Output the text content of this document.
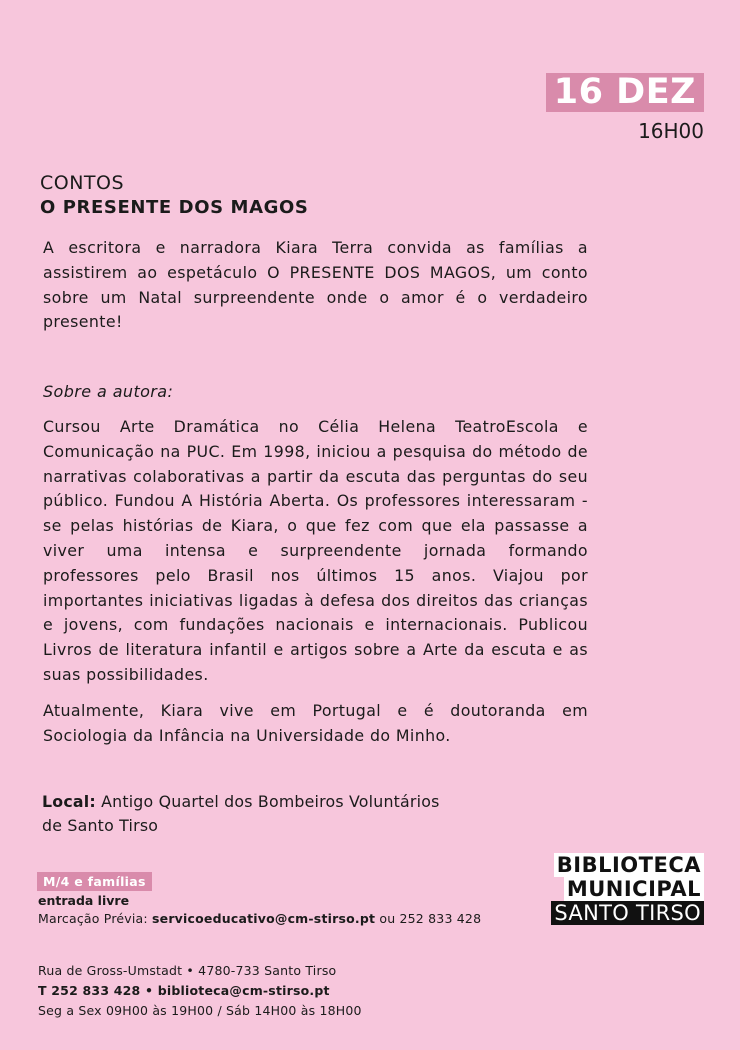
16 DEZ
16H00
CONTOS
O PRESENTE DOS MAGOS

A escritora e narradora Kiara Terra convida as famílias a assistirem ao espetáculo O PRESENTE DOS MAGOS, um conto sobre um Natal surpreendente onde o amor é o verdadeiro presente!

Sobre a autora:

Cursou Arte Dramática no Célia Helena TeatroEscola e Comunicação na PUC. Em 1998, iniciou a pesquisa do método de narrativas colaborativas a partir da escuta das perguntas do seu público. Fundou A História Aberta. Os professores interessaram - se pelas histórias de Kiara, o que fez com que ela passasse a viver uma intensa e surpreendente jornada formando professores pelo Brasil nos últimos 15 anos. Viajou por importantes iniciativas ligadas à defesa dos direitos das crianças e jovens, com fundações nacionais e internacionais. Publicou Livros de literatura infantil e artigos sobre a Arte da escuta e as suas possibilidades.

Atualmente, Kiara vive em Portugal e é doutoranda em Sociologia da Infância na Universidade do Minho.

Local: Antigo Quartel dos Bombeiros Voluntários
de Santo Tirso
M/4 e famílias
entrada livre
Marcação Prévia: servicoeducativo@cm-stirso.pt ou 252 833 428
BIBLIOTECA
MUNICIPAL
SANTO TIRSO
Rua de Gross-Umstadt • 4780-733 Santo Tirso
T 252 833 428 • biblioteca@cm-stirso.pt
Seg a Sex 09H00 às 19H00 / Sáb 14H00 às 18H00
